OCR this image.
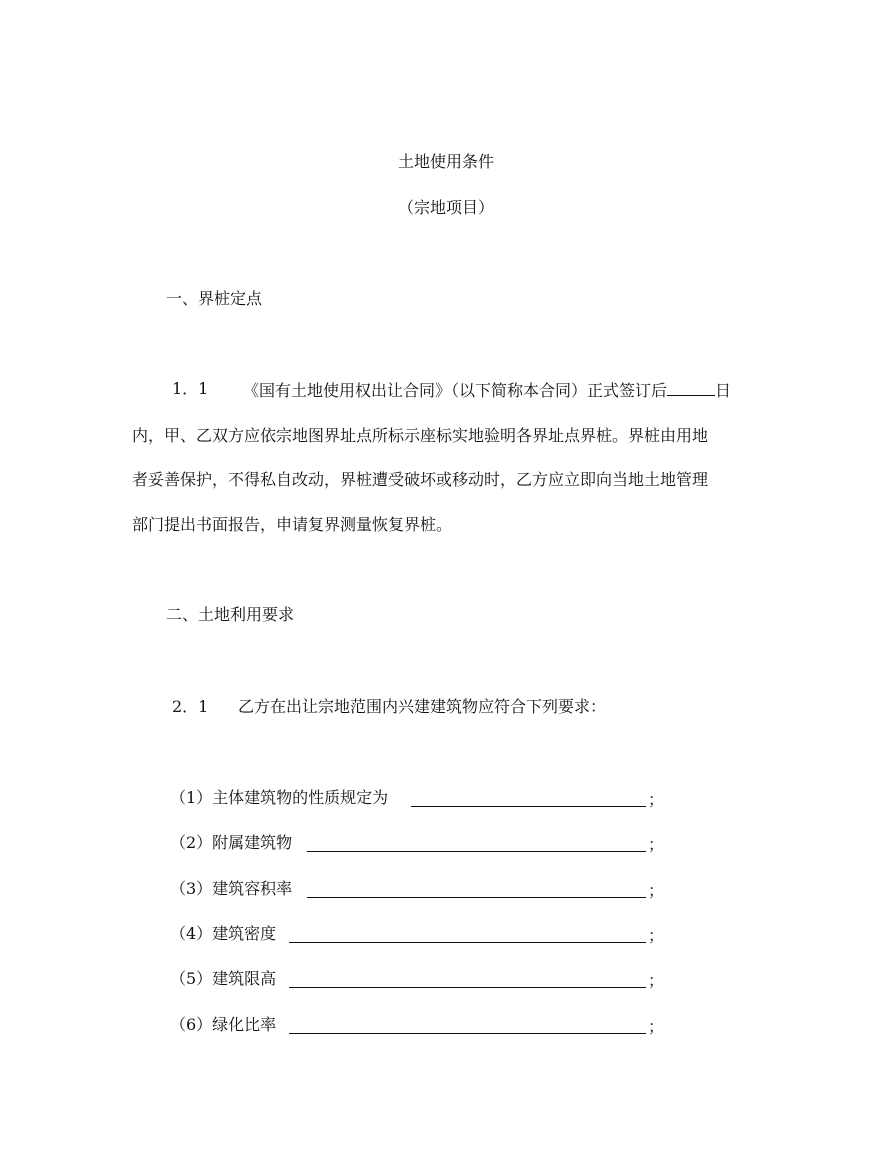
土地使用条件
（宗地项目）
一、界桩定点
1．1 《国有土地使用权出让合同》（以下简称本合同）正式签订后	日
内，甲、乙双方应依宗地图界址点所标示座标实地验明各界址点界桩。界桩由用地
者妥善保护，不得私自改动，界桩遭受破坏或移动时，乙方应立即向当地土地管理
部门提出书面报告，申请复界测量恢复界桩。
二、土地利用要求
2．1 乙方在出让宗地范围内兴建建筑物应符合下列要求：
（1）主体建筑物的性质规定为	；
（2）附属建筑物	；
（3）建筑容积率	；
（4）建筑密度	；
（5）建筑限高	；
（6）绿化比率	；
